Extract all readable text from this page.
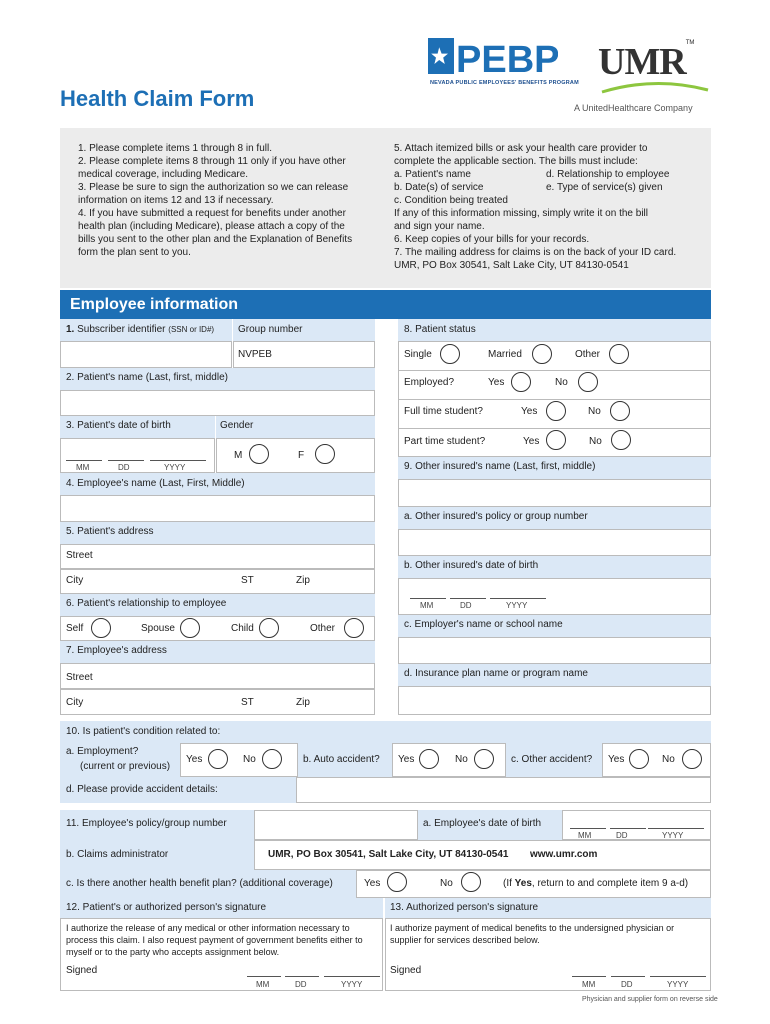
Health Claim Form
PEBP
NEVADA PUBLIC EMPLOYEES' BENEFITS PROGRAM UMR™
A UnitedHealthcare Company
1. Please complete items 1 through 8 in full.
2. Please complete items 8 through 11 only if you have other
medical coverage, including Medicare.
3. Please be sure to sign the authorization so we can release
information on items 12 and 13 if necessary.
4. If you have submitted a request for benefits under another
health plan (including Medicare), please attach a copy of the
bills you sent to the other plan and the Explanation of Benefits
form the plan sent to you.
5. Attach itemized bills or ask your health care provider to
complete the applicable section. The bills must include:
a. Patient's name
b. Date(s) of service
c. Condition being treated
If any of this information missing, simply write it on the bill
and sign your name.
6. Keep copies of your bills for your records.
7. The mailing address for claims is on the back of your ID card.
UMR, PO Box 30541, Salt Lake City, UT 84130-0541
d. Relationship to employee
e. Type of service(s) given
Employee information
1. Subscriber identifier (SSN or ID#) Group number
NVPEB
2. Patient's name (Last, first, middle)
3. Patient's date of birth	Gender
MM	DD	YYYY
M	F
4. Employee's name (Last, First, Middle)
5. Patient's address
Street
City	ST	Zip
6. Patient's relationship to employee
Self	Spouse	Child	Other
7. Employee's address
Street
City	ST	Zip
8. Patient status
Single	Married	Other
Employed?	Yes	No
Full time student?	Yes	No
Part time student?	Yes	No
9. Other insured's name (Last, first, middle)
a. Other insured's policy or group number
b. Other insured's date of birth
MM	DD	YYYY
c. Employer's name or school name
d. Insurance plan name or program name
10. Is patient's condition related to:
a. Employment?
(current or previous)
Yes	No	b. Auto accident? Yes	No	c. Other accident? Yes	No
d. Please provide accident details:
11. Employee's policy/group number	a. Employee's date of birth
MM	DD	YYYY
b. Claims administrator	UMR, PO Box 30541, Salt Lake City, UT 84130-0541 www.umr.com
c. Is there another health benefit plan? (additional coverage)	Yes	No	(If Yes, return to and complete item 9 a-d)
12. Patient's or authorized person's signature	13. Authorized person's signature
I authorize the release of any medical or other information necessary to process this claim. I also request payment of government benefits either to myself or to the party who accepts assignment below.
Signed
MM	DD	YYYY
I authorize payment of medical benefits to the undersigned physician or supplier for services described below.
Signed
MM	DD	YYYY
Physician and supplier form on reverse side
